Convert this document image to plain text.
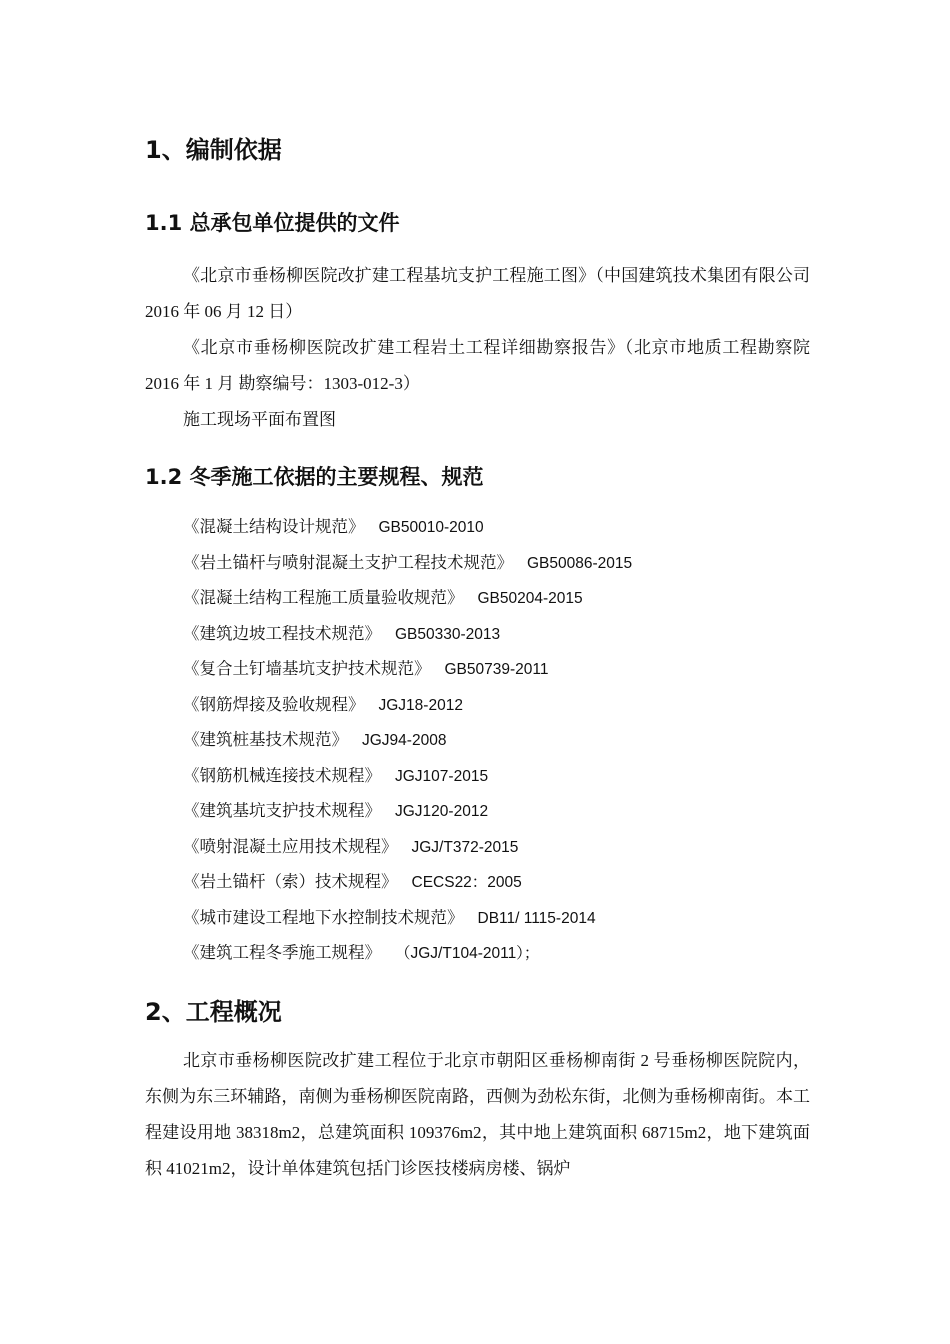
1、编制依据
1.1 总承包单位提供的文件

《北京市垂杨柳医院改扩建工程基坑支护工程施工图》（中国建筑技术集团有限公司 2016 年 06 月 12 日）

《北京市垂杨柳医院改扩建工程岩土工程详细勘察报告》（北京市地质工程勘察院 2016 年 1 月 勘察编号：1303-012-3）

施工现场平面布置图

1.2 冬季施工依据的主要规程、规范
《混凝土结构设计规范》 GB50010-2010
《岩土锚杆与喷射混凝土支护工程技术规范》 GB50086-2015
《混凝土结构工程施工质量验收规范》 GB50204-2015
《建筑边坡工程技术规范》 GB50330-2013
《复合土钉墙基坑支护技术规范》 GB50739-2011
《钢筋焊接及验收规程》 JGJ18-2012
《建筑桩基技术规范》JGJ94-2008
《钢筋机械连接技术规程》 JGJ107-2015
《建筑基坑支护技术规程》 JGJ120-2012
《喷射混凝土应用技术规程》 JGJ/T372-2015
《岩土锚杆（索）技术规程》 CECS22：2005
《城市建设工程地下水控制技术规范》 DB11/ 1115-2014
《建筑工程冬季施工规程》 （JGJ/T104-2011）；
2、工程概况

北京市垂杨柳医院改扩建工程位于北京市朝阳区垂杨柳南街 2 号垂杨柳医院院内，东侧为东三环辅路，南侧为垂杨柳医院南路，西侧为劲松东街，北侧为垂杨柳南街。本工程建设用地 38318m2，总建筑面积 109376m2，其中地上建筑面积 68715m2，地下建筑面积 41021m2，设计单体建筑包括门诊医技楼病房楼、锅炉
